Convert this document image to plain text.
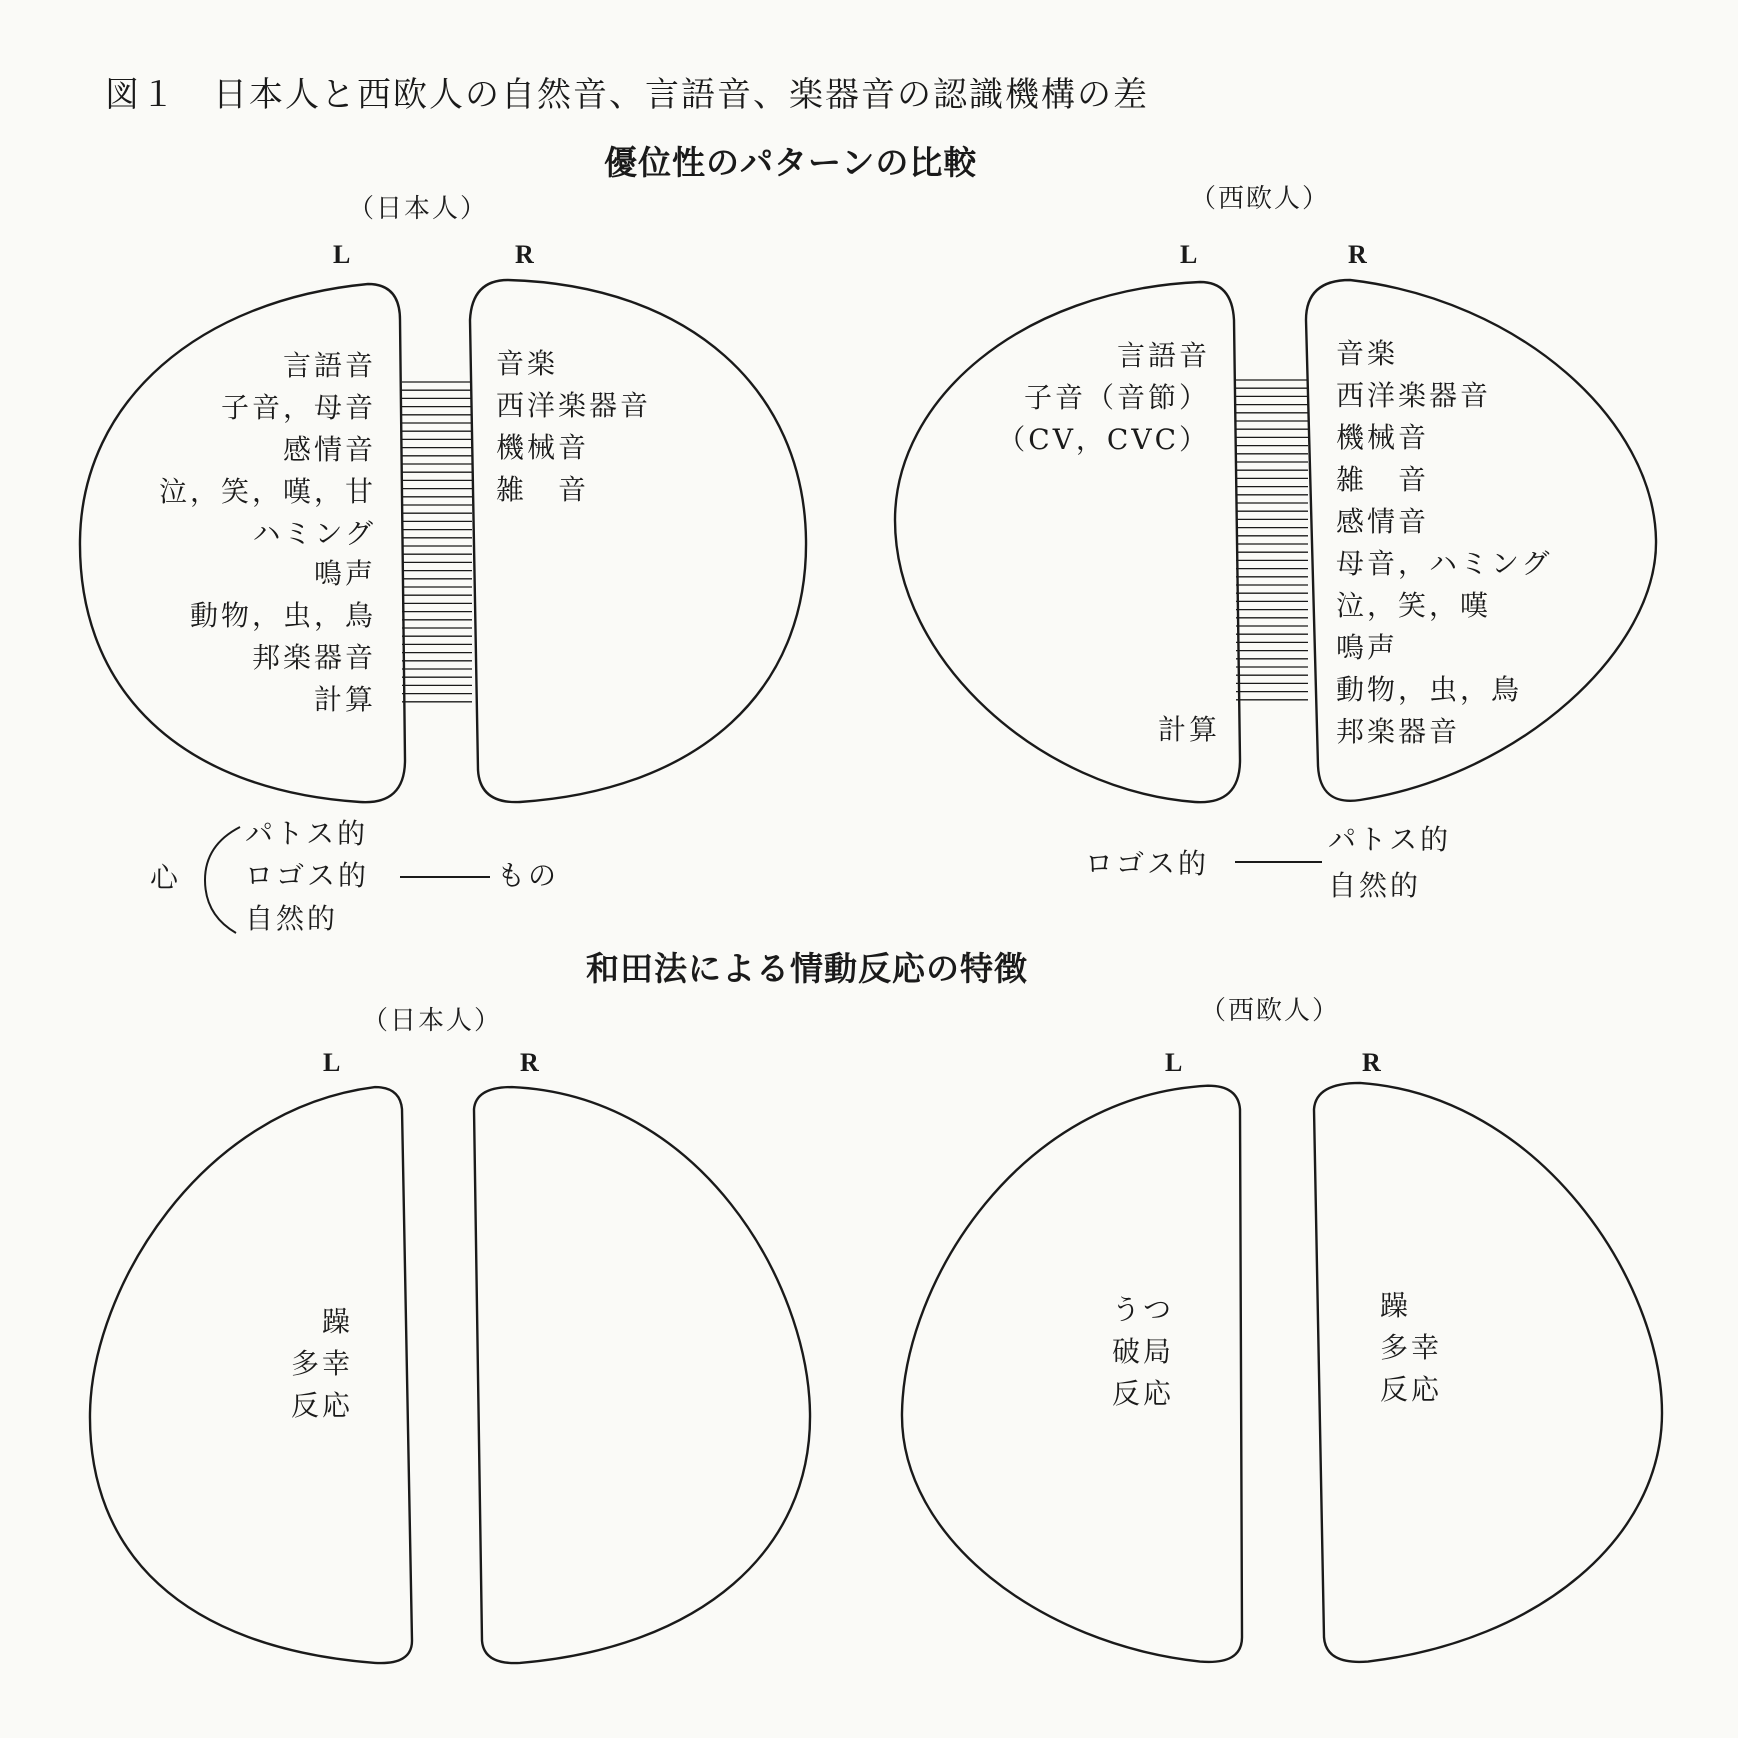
図１　日本人と西欧人の自然音、言語音、楽器音の認識機構の差
優位性のパターンの比較
（日本人）
L	R
（西欧人）
L	R
言語音
子音，母音
感情音
泣，笑，嘆，甘
ハミング
鳴声
動物，虫，鳥
邦楽器音
計算
音楽
西洋楽器音
機械音
雑　音
パトス的
心 ロゴス的	もの
自然的
言語音
子音（音節）
（CV，CVC）
計算
音楽
西洋楽器音
機械音
雑　音
感情音
母音，ハミング
泣，笑，嘆
鳴声
動物，虫，鳥
邦楽器音
ロゴス的
パトス的
自然的
和田法による情動反応の特徴
（日本人）
L	R
（西欧人）
L	R
躁
多幸
反応
うつ
破局
反応
躁
多幸
反応
